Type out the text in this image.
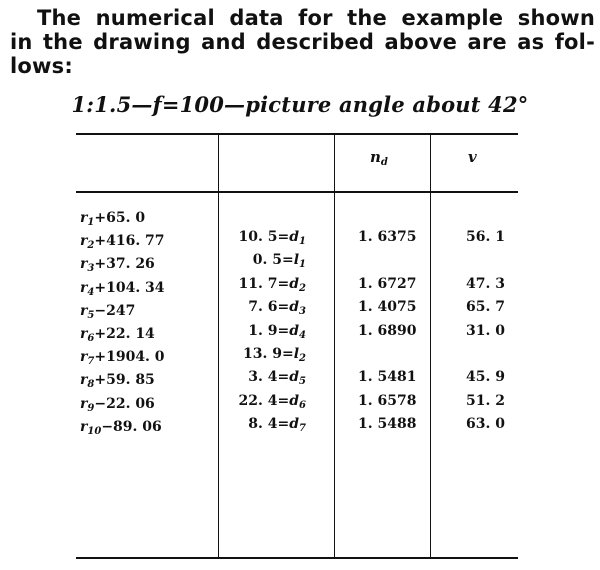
The numerical data for the example shown
in the drawing and described above are as fol-
lows:
1:1.5—f=100—picture angle about 42°
$n_d$	v
$r_1+65$. 0
$r_2+416$. 77
$r_3+37$. 26
$r_4+104$. 34
$r_5-247$
$r_6+22$. 14
$r_7+1904$. 0
$r_8+59$. 85
$r_9-22$. 06
$r_{10}-89$. 06
10. $5=d_1$
0. $5=l_1$
11. $7=d_2$
7. $6=d_3$
1. $9=d_4$
13. $9=l_2$
3. $4=d_5$
22. $4=d_6$
8. $4=d_7$
1. 6375
1. 6727
1. 4075
1. 6890
1. 5481
1. 6578
1. 5488
56. 1
47. 3
65. 7
31. 0
45. 9
51. 2
63. 0
